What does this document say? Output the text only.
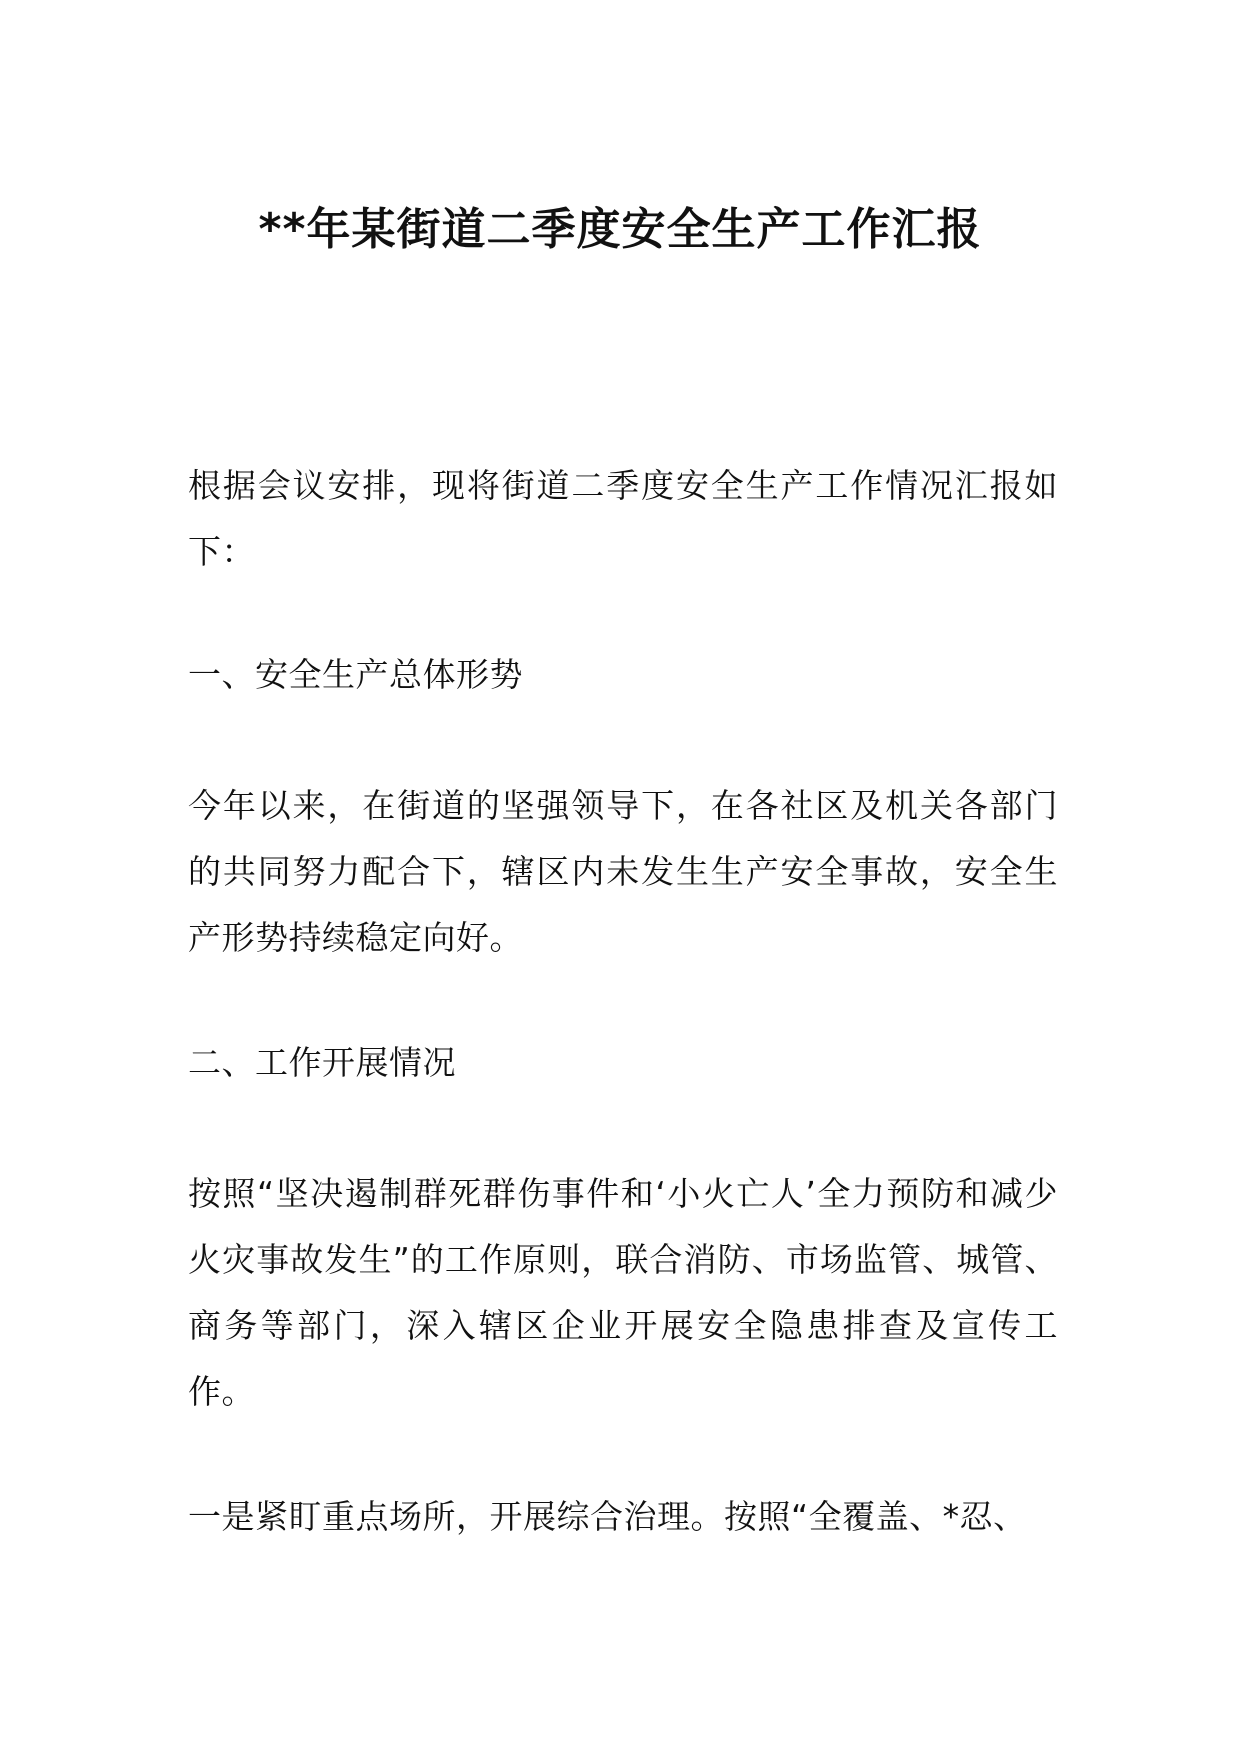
**年某街道二季度安全生产工作汇报

根据会议安排，现将街道二季度安全生产工作情况汇报如下：

一、安全生产总体形势

今年以来，在街道的坚强领导下，在各社区及机关各部门的共同努力配合下，辖区内未发生生产安全事故，安全生产形势持续稳定向好。

二、工作开展情况

按照“坚决遏制群死群伤事件和‘小火亡人’全力预防和减少火灾事故发生”的工作原则，联合消防、市场监管、城管、商务等部门，深入辖区企业开展安全隐患排查及宣传工作。

一是紧盯重点场所，开展综合治理。按照“全覆盖、*忍、
